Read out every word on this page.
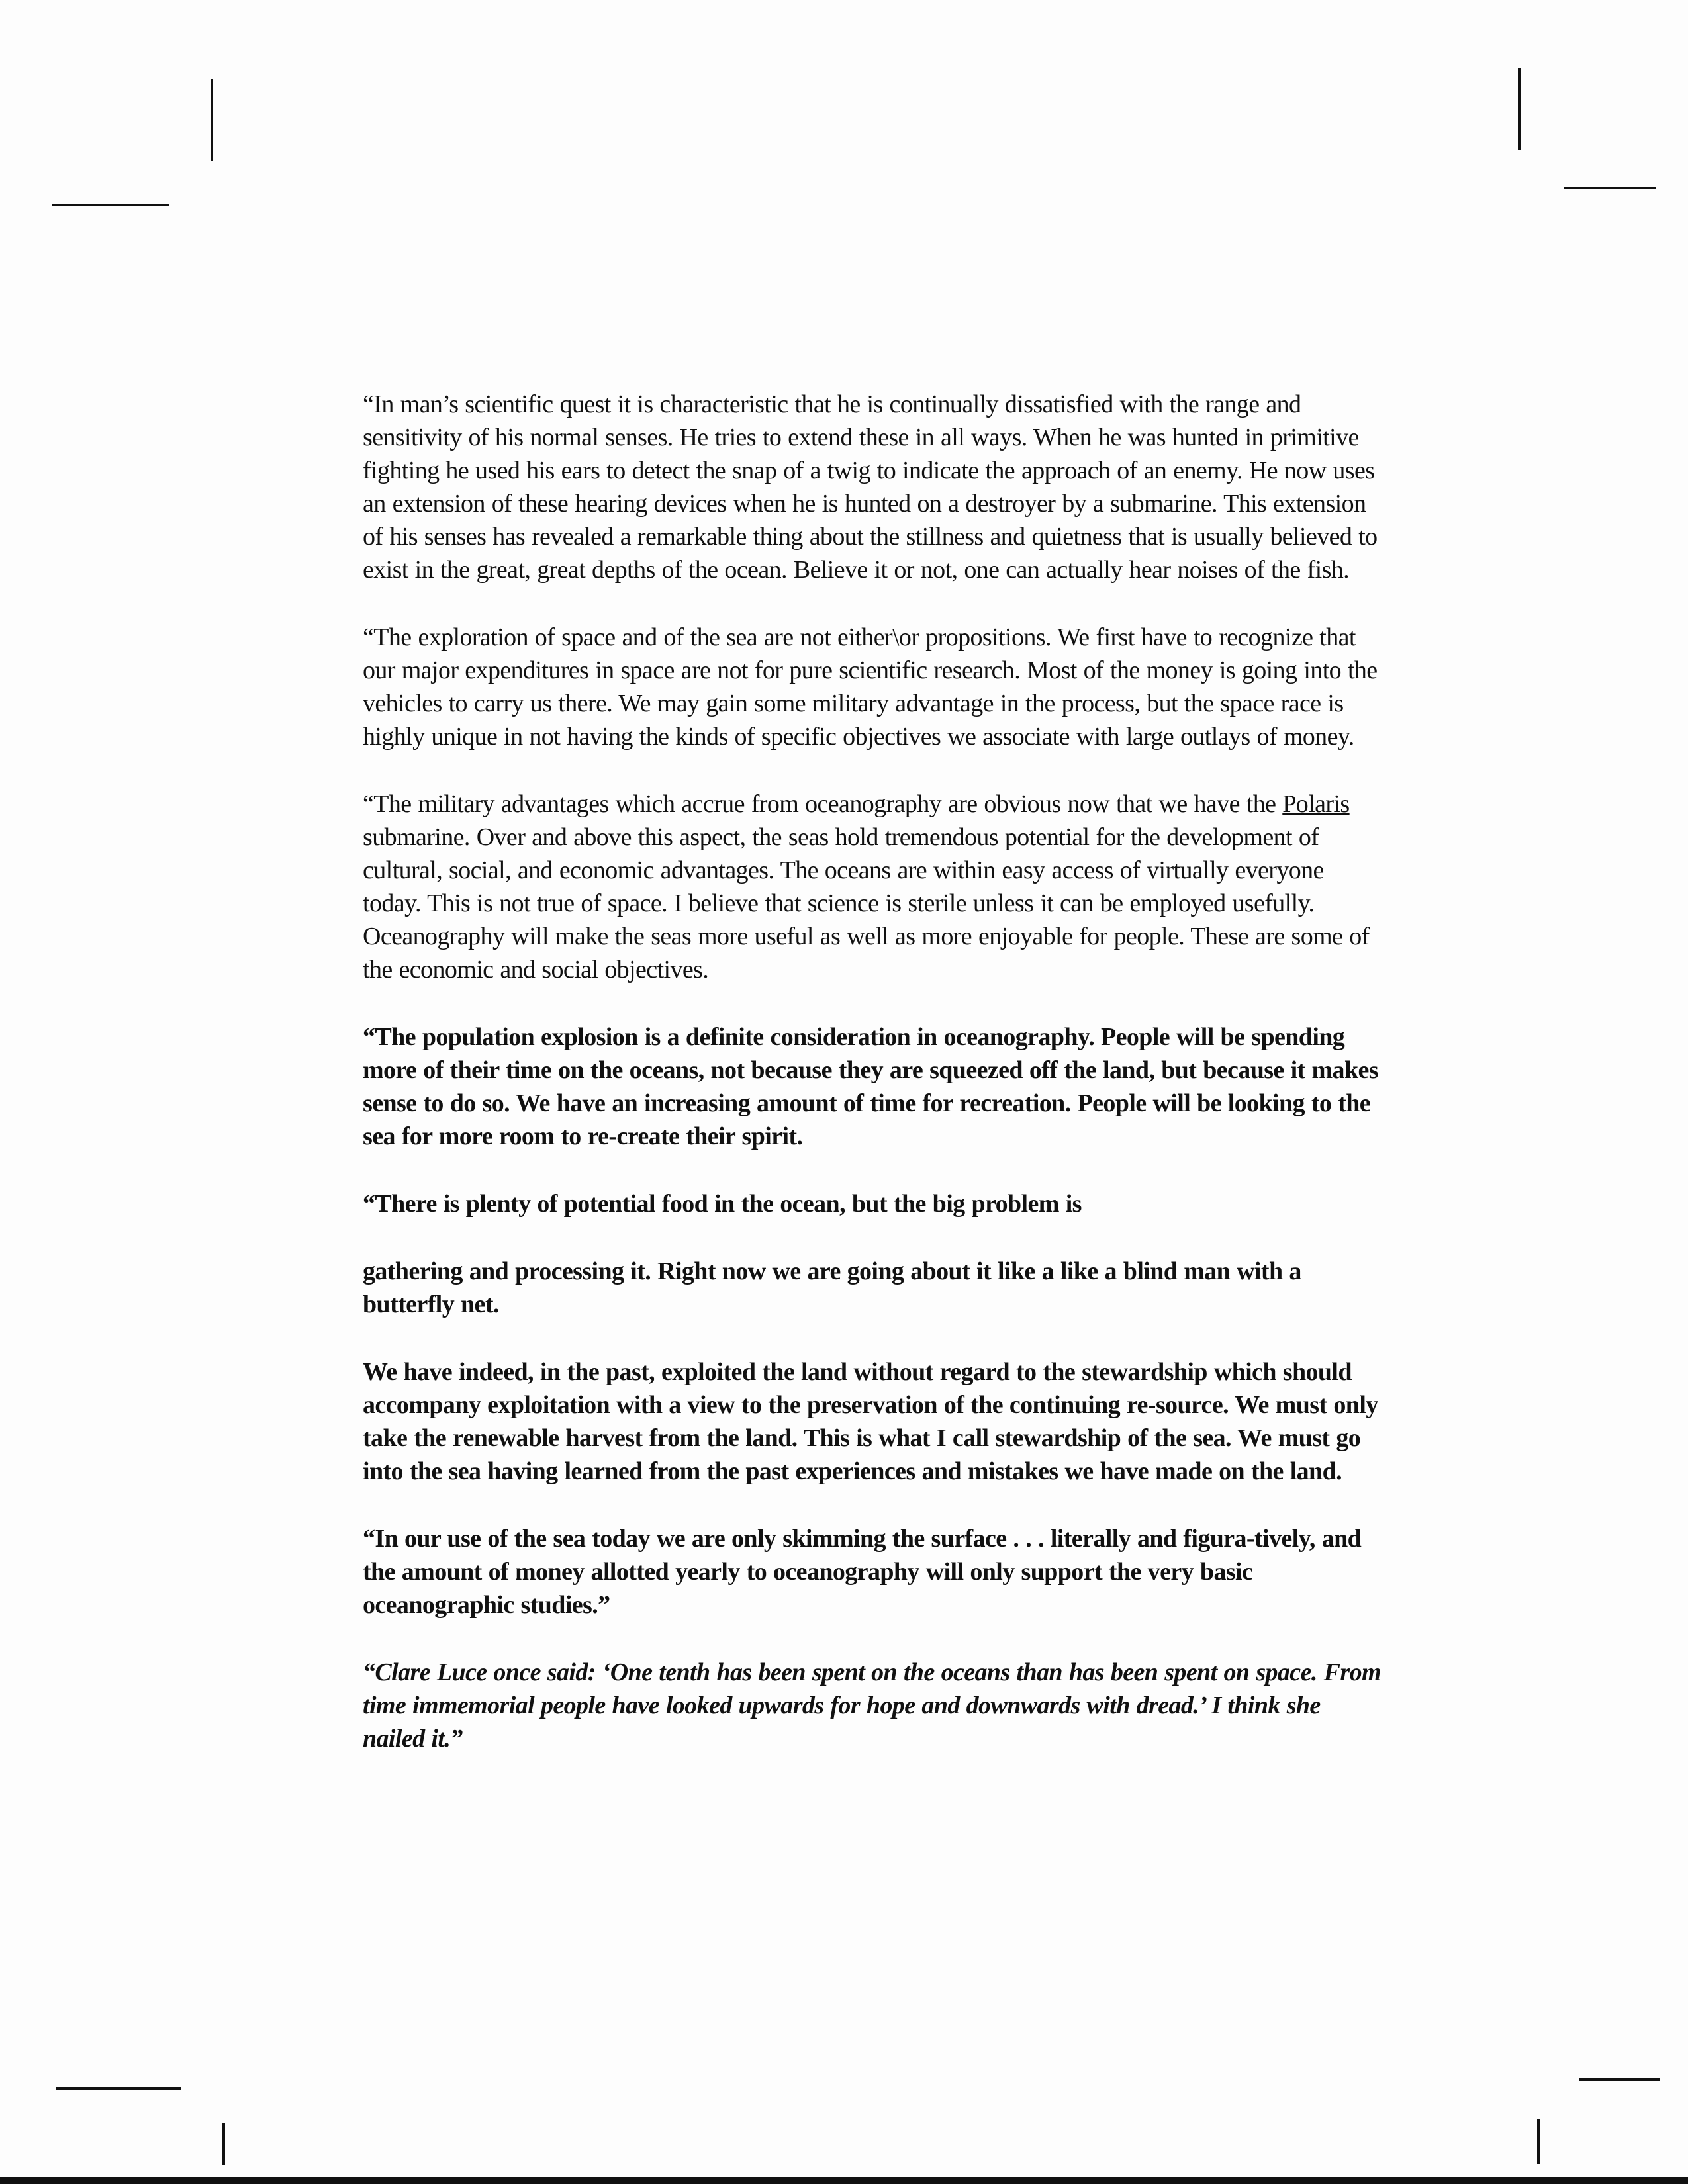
“In man’s scientific quest it is characteristic that he is continually dissatisfied with the range and sensitivity of his normal senses. He tries to extend these in all ways. When he was hunted in primitive fighting he used his ears to detect the snap of a twig to indicate the approach of an enemy. He now uses an extension of these hearing devices when he is hunted on a destroyer by a submarine. This extension of his senses has revealed a remarkable thing about the stillness and quietness that is usually believed to exist in the great, great depths of the ocean. Believe it or not, one can actually hear noises of the fish.

“The exploration of space and of the sea are not either\or propositions. We first have to recognize that our major expenditures in space are not for pure scientific research. Most of the money is going into the vehicles to carry us there. We may gain some military advantage in the process, but the space race is highly unique in not having the kinds of specific objectives we associate with large outlays of money.

“The military advantages which accrue from oceanography are obvious now that we have the Polaris submarine. Over and above this aspect, the seas hold tremendous potential for the development of cultural, social, and economic advantages. The oceans are within easy access of virtually everyone today. This is not true of space. I believe that science is sterile unless it can be employed usefully. Oceanography will make the seas more useful as well as more enjoyable for people. These are some of the economic and social objectives.

“The population explosion is a definite consideration in oceanography. People will be spending more of their time on the oceans, not because they are squeezed off the land, but because it makes sense to do so. We have an increasing amount of time for recreation. People will be looking to the sea for more room to re-create their spirit.

“There is plenty of potential food in the ocean, but the big problem is

gathering and processing it. Right now we are going about it like a like a blind man with a butterfly net.

We have indeed, in the past, exploited the land without regard to the stewardship which should accompany exploitation with a view to the preservation of the continuing re-source. We must only take the renewable harvest from the land. This is what I call stewardship of the sea. We must go into the sea having learned from the past experiences and mistakes we have made on the land.

“In our use of the sea today we are only skimming the surface . . . literally and figura-tively, and the amount of money allotted yearly to oceanography will only support the very basic oceanographic studies.”

“Clare Luce once said: ‘One tenth has been spent on the oceans than has been spent on space. From time immemorial people have looked upwards for hope and downwards with dread.’ I think she nailed it.”
